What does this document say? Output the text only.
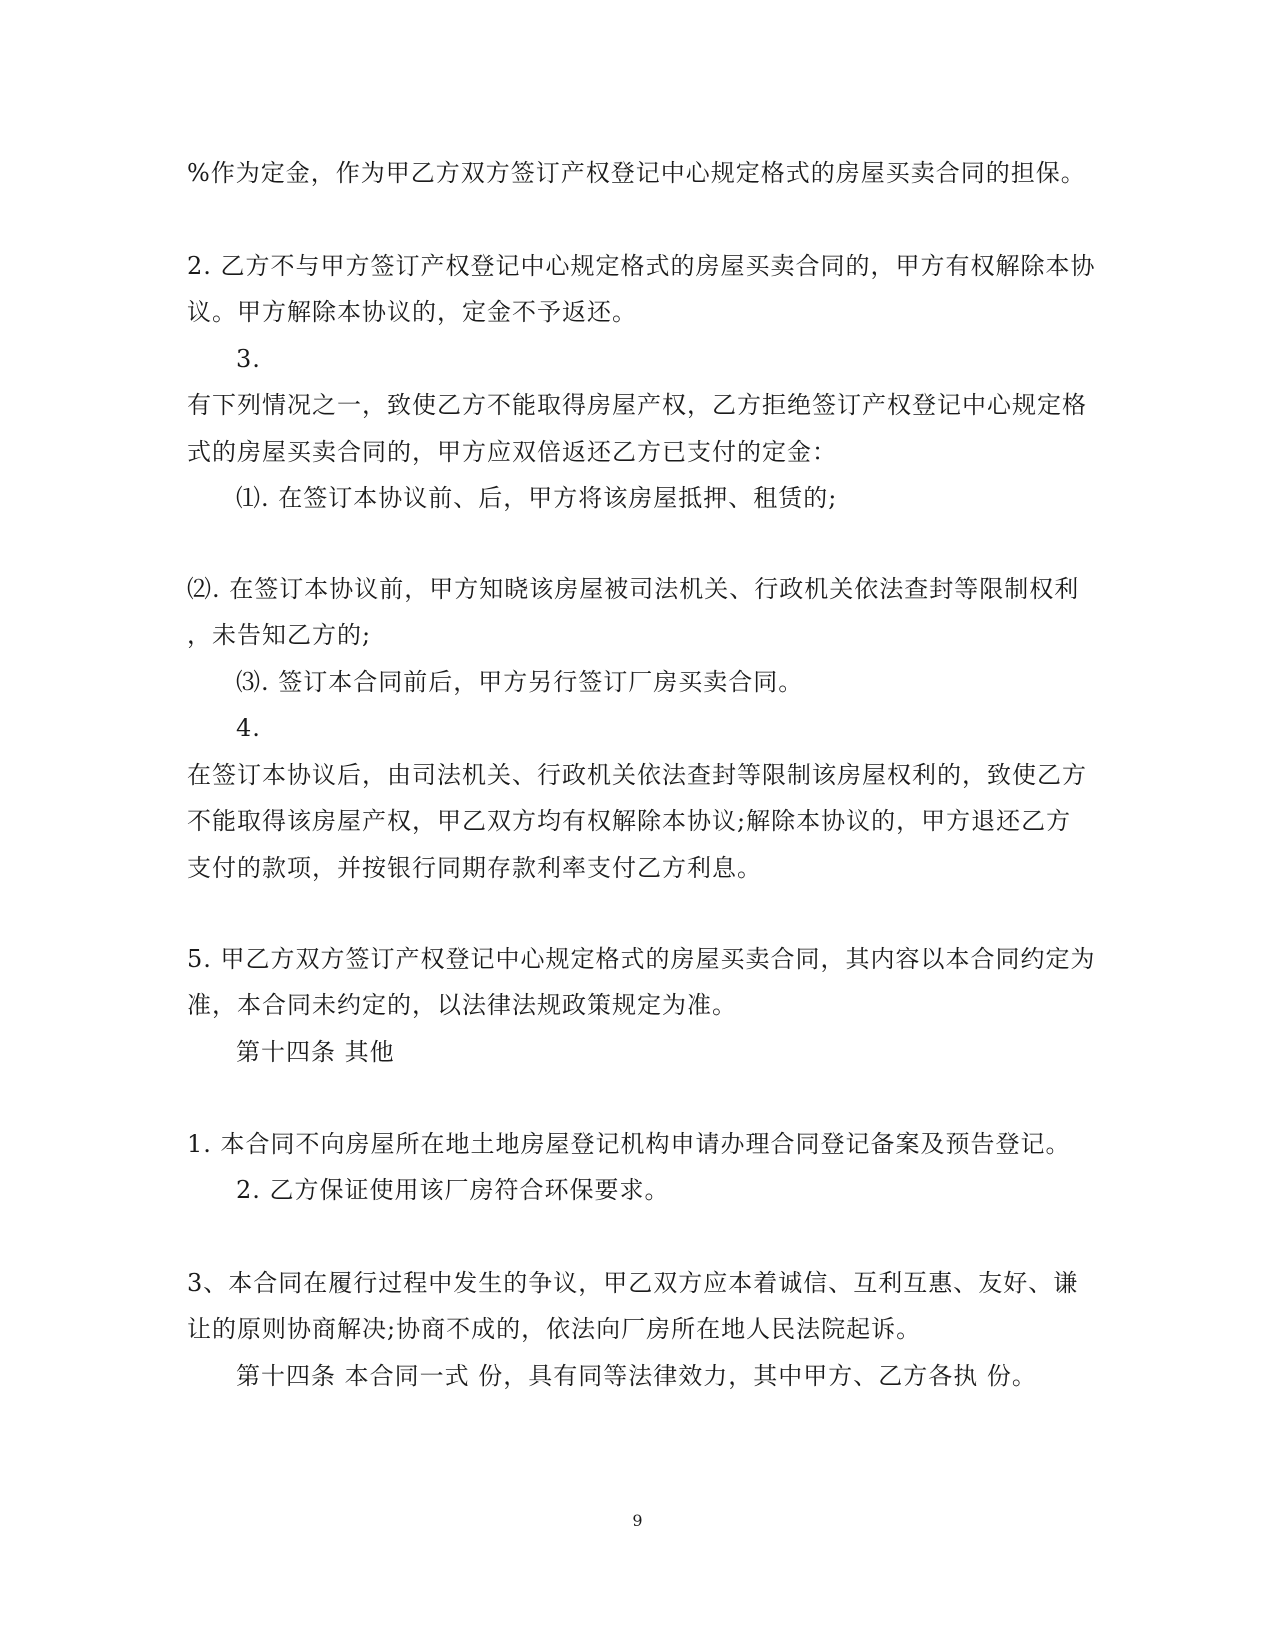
%作为定金，作为甲乙方双方签订产权登记中心规定格式的房屋买卖合同的担保。
2. 乙方不与甲方签订产权登记中心规定格式的房屋买卖合同的，甲方有权解除本协
议。甲方解除本协议的，定金不予返还。
3.
有下列情况之一，致使乙方不能取得房屋产权，乙方拒绝签订产权登记中心规定格
式的房屋买卖合同的，甲方应双倍返还乙方已支付的定金：
⑴. 在签订本协议前、后，甲方将该房屋抵押、租赁的;
⑵. 在签订本协议前，甲方知晓该房屋被司法机关、行政机关依法查封等限制权利
，未告知乙方的;
⑶. 签订本合同前后，甲方另行签订厂房买卖合同。
4.
在签订本协议后，由司法机关、行政机关依法查封等限制该房屋权利的，致使乙方
不能取得该房屋产权，甲乙双方均有权解除本协议;解除本协议的，甲方退还乙方
支付的款项，并按银行同期存款利率支付乙方利息。
5. 甲乙方双方签订产权登记中心规定格式的房屋买卖合同，其内容以本合同约定为
准，本合同未约定的，以法律法规政策规定为准。
第十四条 其他
1. 本合同不向房屋所在地土地房屋登记机构申请办理合同登记备案及预告登记。
2. 乙方保证使用该厂房符合环保要求。
3、本合同在履行过程中发生的争议，甲乙双方应本着诚信、互利互惠、友好、谦
让的原则协商解决;协商不成的，依法向厂房所在地人民法院起诉。
第十四条 本合同一式 份，具有同等法律效力，其中甲方、乙方各执 份。
9
